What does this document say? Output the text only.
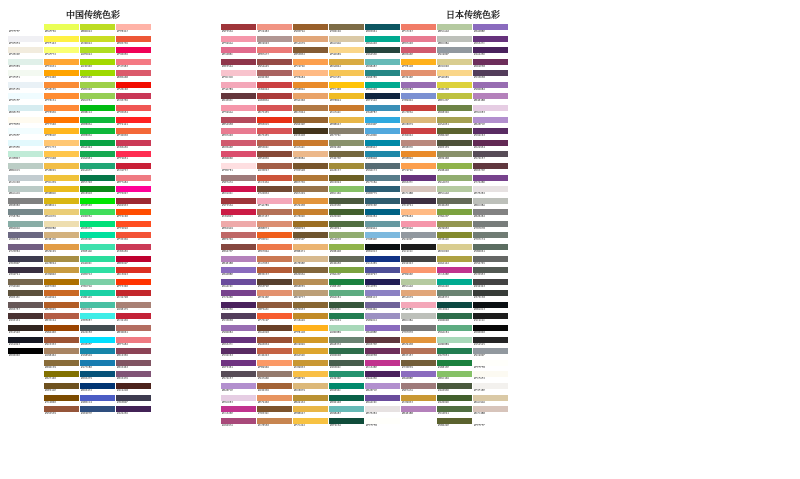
中国传统色彩	日本传统色彩
#FFFFFF
#F0F0F4
#F2ECDE
#E0F0E9
#F3F9F1
#E9F1F6
#F0FCFF
#D6ECF0
#FFFBF0
#F2FDFF
#E3F9FD
#C0EBD7
#BBCDC5
#C2CCD0
#BACAC6
#808080
#75878A
#88ADA6
#6B6882
#725E82
#3D3B4F
#392F41
#75664D
#5D513C
#665757
#493131
#312520
#161823
#000000
#EAFF56
#FFF143
#FAFF72
#FFA631
#FFA400
#FA8C35
#FF8C31
#FF8936
#FF7500
#FFB61E
#FFC773
#FFC64B
#F2BE45
#F0C239
#E9BB1D
#D9B611
#EACD76
#EEDEB0
#D3B17D
#E29C45
#A78E44
#C89B40
#AE7000
#CA6924
#B25D25
#B35C44
#9B4400
#9C5333
#A88462
#896C39
#827100
#6E511E
#7C4B00
#955539
#BDDD22
#C9DD22
#AFDD22
#A3D900
#9ED900
#9ED048
#96CE54
#00BC12
#0EB83A
#0EB83A
#0AA344
#16A951
#21A675
#057748
#0C8918
#00E500
#40DE5A
#00E079
#00E09E
#3DE1AD
#2ADD9C
#2EDFA3
#7BCFA6
#1BD1A5
#48C0A3
#3EEDE7
#424C50
#00E0FF
#1685A9
#177CB0
#065279
#003472
#4B5CC4
#2E4E7E
#FFB3A7
#ED5736
#F00056
#F47983
#DB5A6B
#F20C00
#C93756
#F05654
#FF2121
#F36838
#CB3A56
#FF2D51
#C91F37
#EF7A82
#FF0097
#9D2933
#FF4C00
#FF4E20
#F35336
#CB3A56
#BE002F
#DC3023
#FF3300
#C3272B
#A98175
#C32136
#B36D61
#EF7A82
#8C4356
#815463
#815476
#4C221B
#3D3B4F
#422256
#9F353A
#F596AA
#E16B8C
#8E354A
#F8C3CD
#F4A7B9
#64363C
#F596AA
#B5495B
#E87A90
#D05A6E
#DB4D6D
#FEDFE1
#9E7A7A
#D0104C
#9F353A
#CB1B45
#EEA9A9
#BF6766
#86473F
#B481BB
#8A6BBE
#6A4C9C
#77428D
#4A225D
#533D5B
#986DB2
#66327C
#592C63
#6F3381
#574C57
#B28FCE
#E6CDE3
#C1328E
#A8497A
#F19483
#B19693
#EB7A77
#954A45
#A96360
#CB4042
#AB3B3A
#D75455
#E83015
#D75455
#B55D4C
#854836
#A35E47
#CC543A
#724832
#F4A7B9
#B47157
#DB8E71
#F05E1C
#ED784A
#CA7853
#B35C37
#563F2E
#E3916E
#8F5A3C
#F75C2F
#6A4028
#9A5034
#C46243
#FB9966
#947A6D
#A36336
#E79460
#7D532C
#C78550
#985F2A
#E1A679
#855B32
#FC9F4D
#FFBA84
#E98B2A
#E9A368
#B17844
#96632E
#43341B
#CA7A2C
#ECB88A
#78552B
#B07736
#967249
#E2943B
#C7802D
#9B6E23
#6E552F
#EBB471
#D7B98E
#82663A
#B68E55
#BC9F77
#876633
#C18A26
#FFB11B
#D19826
#DDA52D
#C99833
#F9BF45
#DCB879
#BA9132
#E8B647
#F7C242
#7D6C46
#DAC9A6
#FAD689
#D9AB42
#F6C555
#FFC408
#EFBB24
#CA7A2C
#E8B647
#877F6C
#89916B
#74673E
#A28C37
#6C6024
#86C166
#4A593D
#42602D
#516E41
#91AD70
#90B44B
#646A58
#7BA23F
#1B813E
#5DAC81
#36563C
#227D51
#A8D8B9
#6A8372
#2D6D4B
#465D4C
#24936E
#00896C
#096148
#66BAB7
#0F4C3A
#0D5661
#00AA90
#26453D
#66BAB7
#268785
#00AA90
#0F2540
#3A8FB7
#2EA9DF
#51A8DD
#0089A7
#1E88A8
#566C73
#577C8A
#2B5F75
#2E5C6E
#006284
#6699A1
#7DB9DE
#0B1013
#113285
#4E4F97
#211E55
#8B81C3
#70649A
#9B90C2
#8A6BBE
#60373E
#6D2E5B
#C1328E
#4A225D
#B28FCE
#6A4C9C
#E7E2E2
#FFFFFB
#F17C67
#E87A90
#D05A6E
#FFB11B
#E3916E
#986DB2
#7B90D2
#C73E3A
#DCB879
#CB4042
#B9887D
#E98B2A
#FC9F4D
#66327C
#D7C4BB
#3C2F41
#FFBA84
#F596AA
#91989F
#1C1C1C
#434343
#FB966E
#B5CAA0
#E1A679
#F4A7B9
#BDC0BA
#787878
#E2943B
#B47157
#735E39
#8A6BBE
#9E7A7A
#C99833
#B481BB
#B5CAA0
#BDC0BA
#91989F
#D9CD90
#FAD689
#DDD23B
#BEC23F
#6D8346
#A5A051
#5B622E
#4D5139
#89916B
#90B44B
#91AD70
#B5CAA0
#646A58
#7BA23F
#939650
#838A2D
#D9CD90
#ADA142
#C1328E
#00AA90
#6A8372
#0C4842
#2D6D4B
#5DAC81
#A8D8B9
#227D51
#1B813E
#86C166
#4A593D
#42602D
#516E41
#5B622E
#8A6BBE
#66327C
#4A225D
#6D2E5B
#533D5B
#986DB2
#B481BB
#E6CDE3
#B28FCE
#592C63
#622954
#574C57
#60373E
#77428D
#E7E2E2
#BDC0BA
#828282
#787D7B
#707C74
#5B6D61
#656765
#535953
#434343
#373C38
#0B1013
#1C1C1C
#080808
#252525
#91989F
#FFFFFB
#FCFAF2
#F3F1EE
#DAC9A6
#D7C4BB
#FFFFFF
